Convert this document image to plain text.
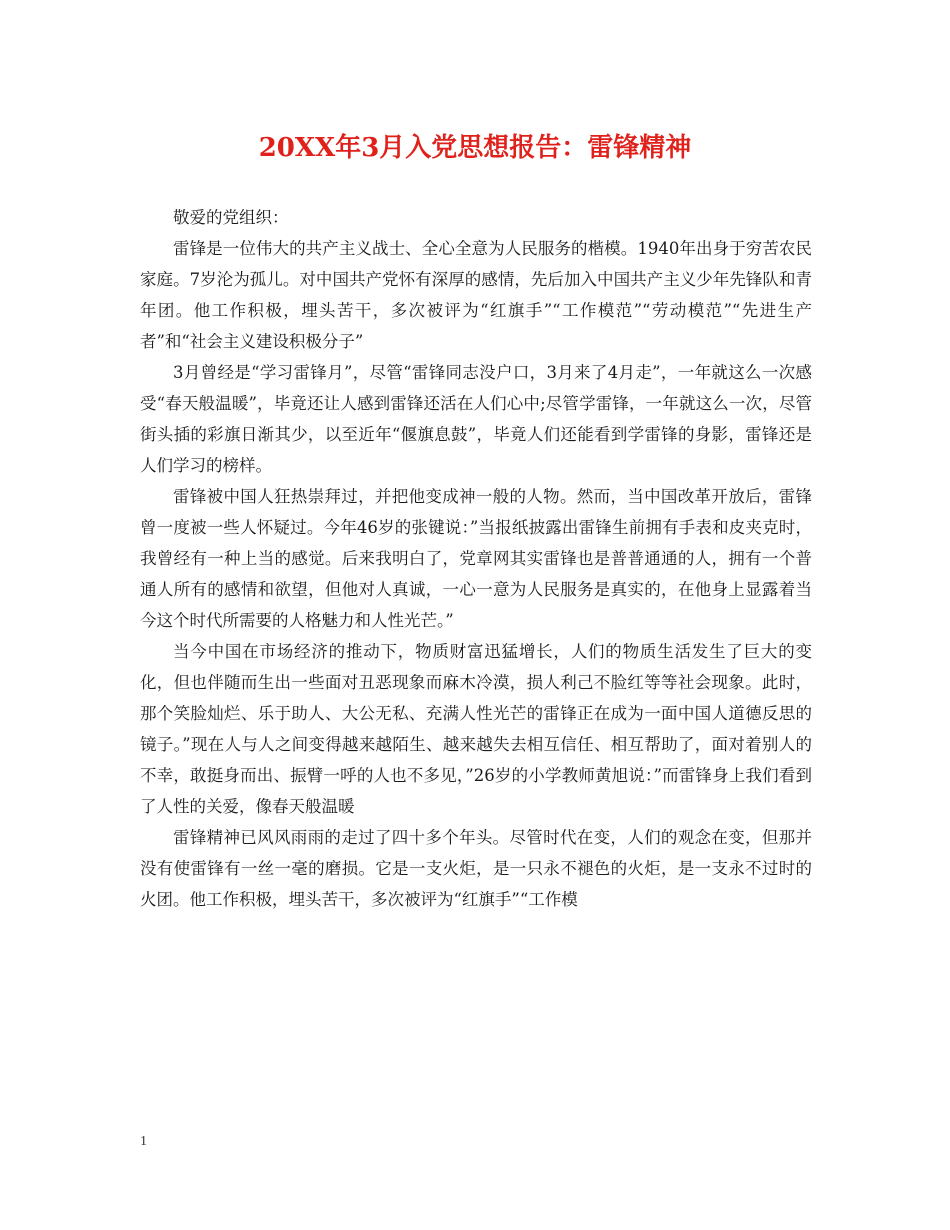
20XX年3月入党思想报告：雷锋精神

敬爱的党组织：

雷锋是一位伟大的共产主义战士、全心全意为人民服务的楷模。1940年出身于穷苦农民家庭。7岁沦为孤儿。对中国共产党怀有深厚的感情，先后加入中国共产主义少年先锋队和青年团。他工作积极，埋头苦干，多次被评为“红旗手”“工作模范”“劳动模范”“先进生产者”和“社会主义建设积极分子”

3月曾经是“学习雷锋月”，尽管“雷锋同志没户口，3月来了4月走”，一年就这么一次感受“春天般温暖”，毕竟还让人感到雷锋还活在人们心中;尽管学雷锋，一年就这么一次，尽管街头插的彩旗日渐其少，以至近年“偃旗息鼓”，毕竟人们还能看到学雷锋的身影，雷锋还是人们学习的榜样。

雷锋被中国人狂热崇拜过，并把他变成神一般的人物。然而，当中国改革开放后，雷锋曾一度被一些人怀疑过。今年46岁的张键说：”当报纸披露出雷锋生前拥有手表和皮夹克时，我曾经有一种上当的感觉。后来我明白了，党章网其实雷锋也是普普通通的人，拥有一个普通人所有的感情和欲望，但他对人真诚，一心一意为人民服务是真实的，在他身上显露着当今这个时代所需要的人格魅力和人性光芒。”

当今中国在市场经济的推动下，物质财富迅猛增长，人们的物质生活发生了巨大的变化，但也伴随而生出一些面对丑恶现象而麻木冷漠，损人利己不脸红等等社会现象。此时，那个笑脸灿烂、乐于助人、大公无私、充满人性光芒的雷锋正在成为一面中国人道德反思的镜子。”现在人与人之间变得越来越陌生、越来越失去相互信任、相互帮助了，面对着别人的不幸，敢挺身而出、振臂一呼的人也不多见，”26岁的小学教师黄旭说：”而雷锋身上我们看到了人性的关爱，像春天般温暖

雷锋精神已风风雨雨的走过了四十多个年头。尽管时代在变，人们的观念在变，但那并没有使雷锋有一丝一毫的磨损。它是一支火炬，是一只永不褪色的火炬，是一支永不过时的火团。他工作积极，埋头苦干，多次被评为“红旗手”“工作模

1
